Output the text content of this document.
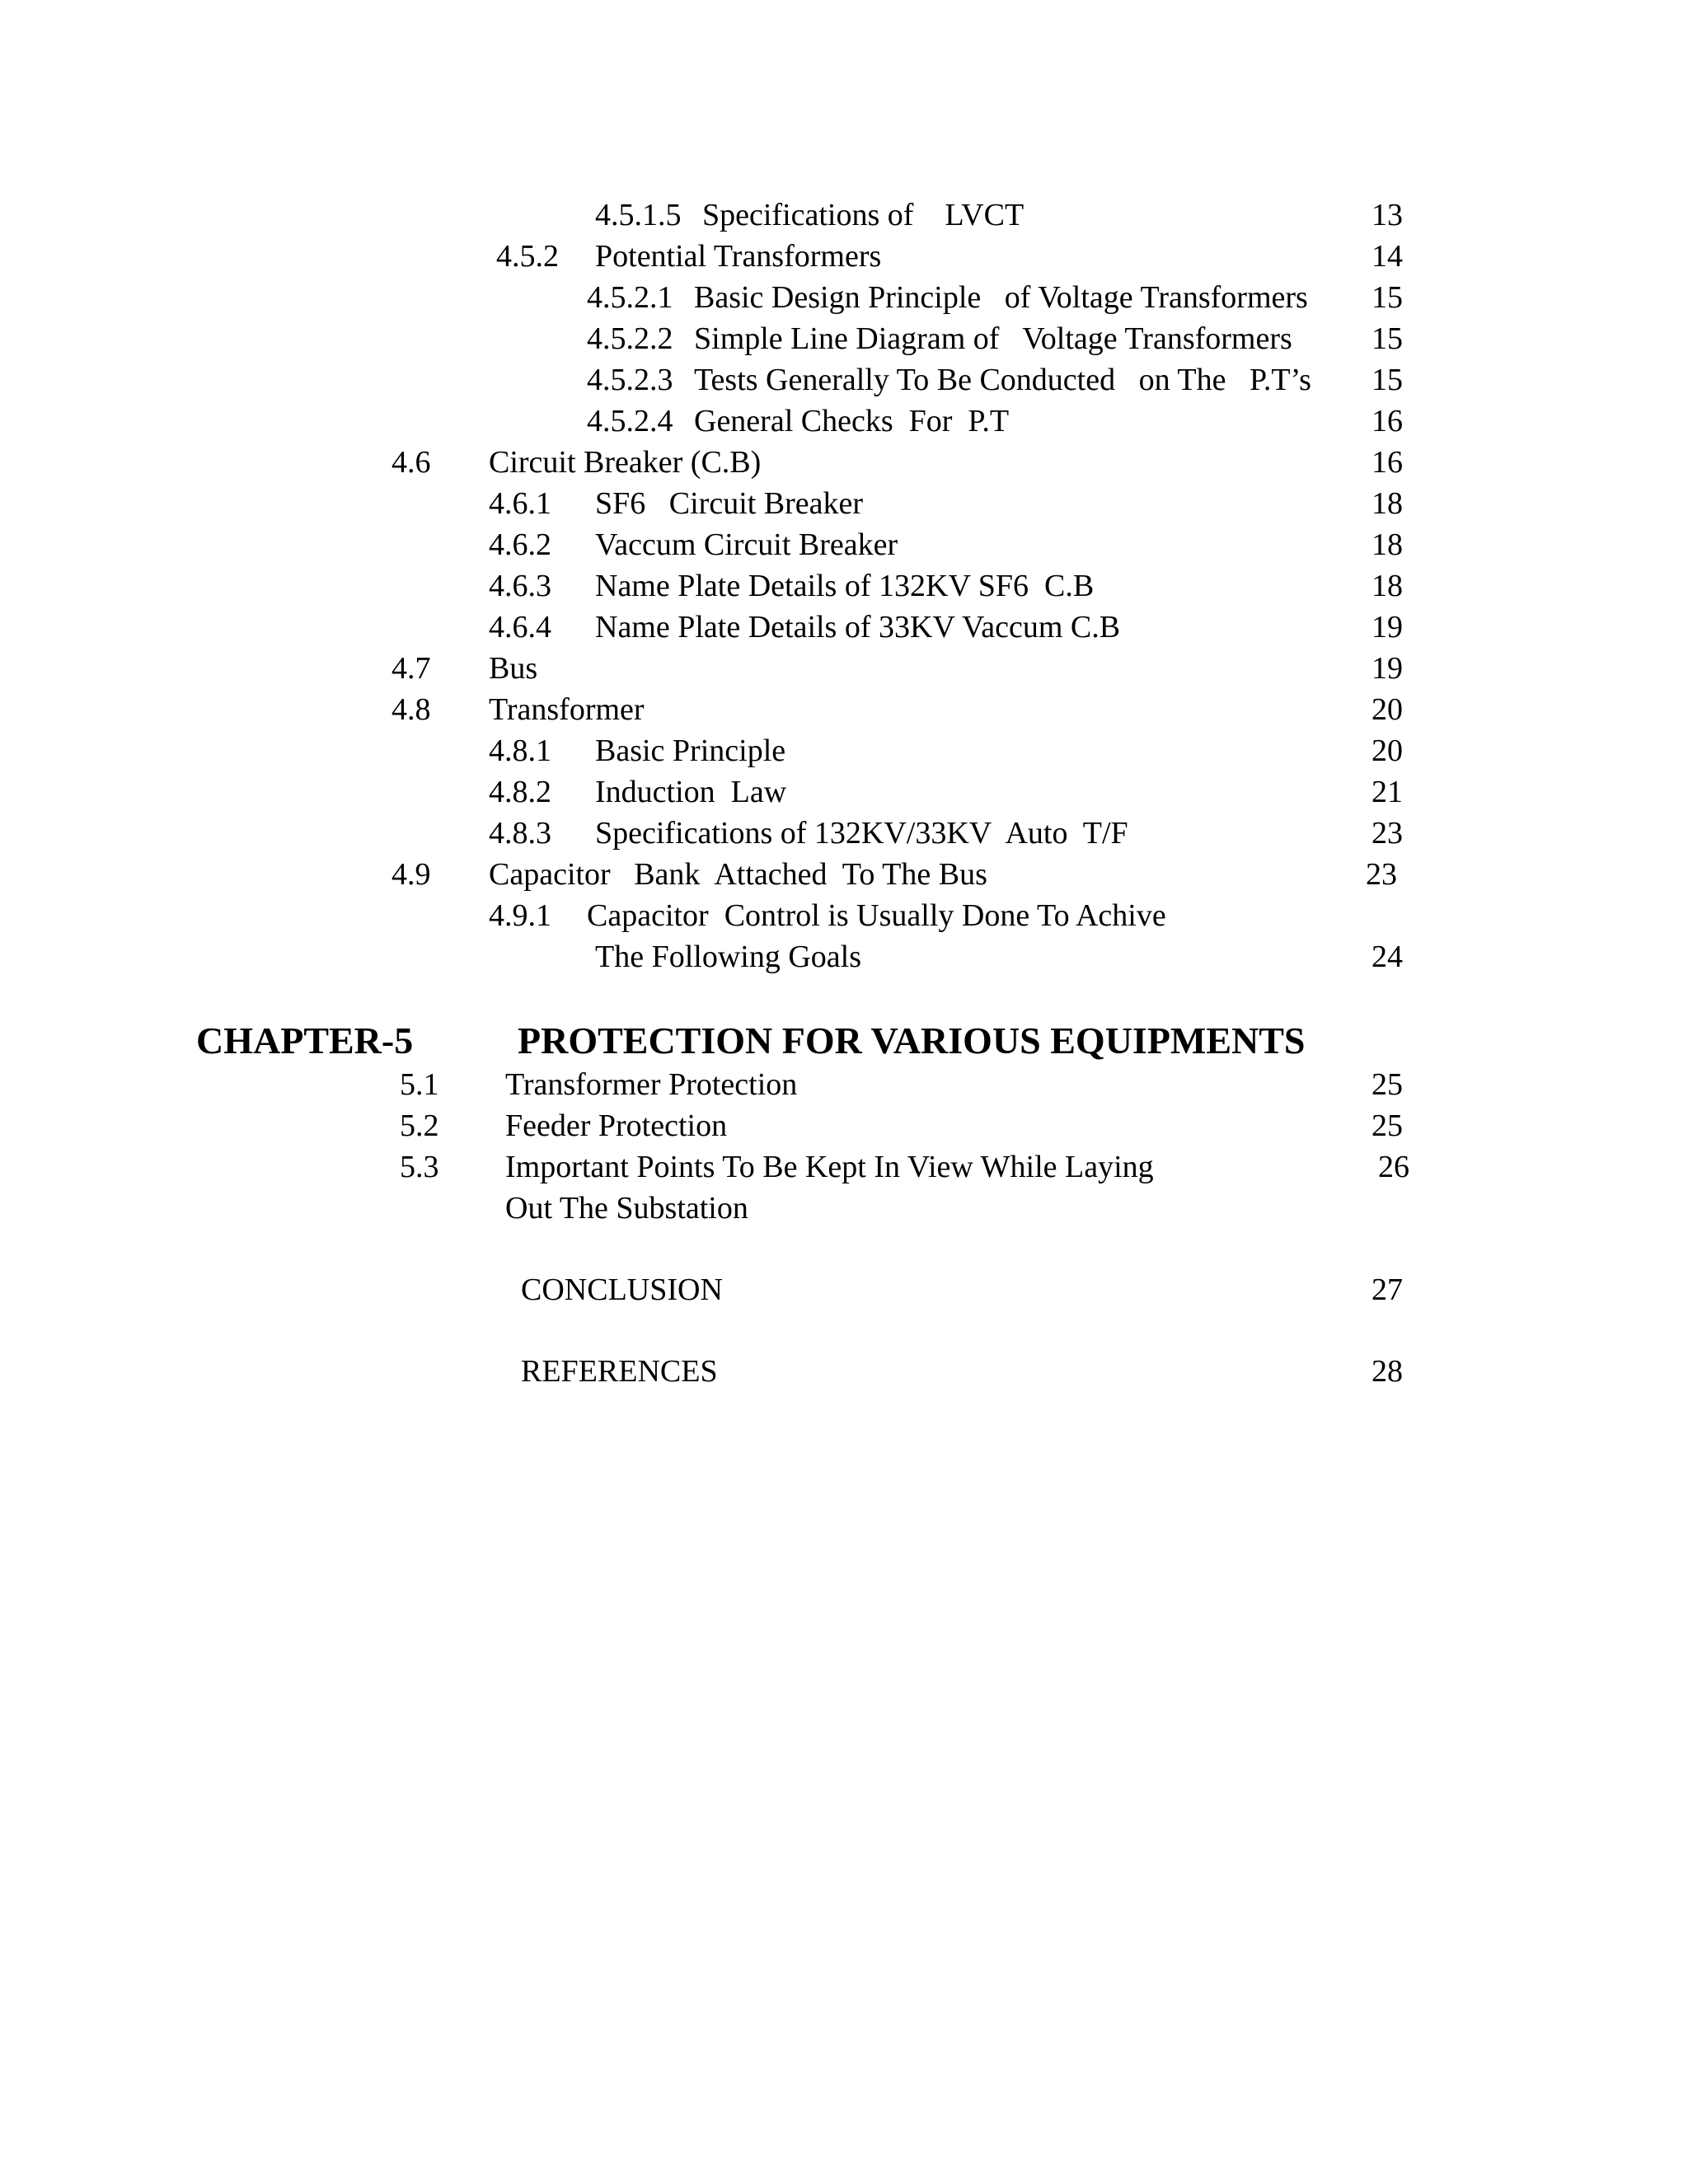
4.5.1.5 Specifications of    LVCT	13
4.5.2 Potential Transformers	14
4.5.2.1 Basic Design Principle   of Voltage Transformers	15
4.5.2.2 Simple Line Diagram of   Voltage Transformers	15
4.5.2.3 Tests Generally To Be Conducted   on The   P.T’s	15
4.5.2.4 General Checks  For  P.T	16
4.6 Circuit Breaker (C.B)	16
4.6.1 SF6   Circuit Breaker	18
4.6.2 Vaccum Circuit Breaker	18
4.6.3 Name Plate Details of 132KV SF6  C.B	18
4.6.4 Name Plate Details of 33KV Vaccum C.B	19
4.7 Bus	19
4.8 Transformer	20
4.8.1 Basic Principle	20
4.8.2 Induction  Law	21
4.8.3 Specifications of 132KV/33KV  Auto  T/F	23
4.9 Capacitor   Bank  Attached  To The Bus	23
4.9.1 Capacitor  Control is Usually Done To Achive
The Following Goals	24
CHAPTER-5	PROTECTION FOR VARIOUS EQUIPMENTS
5.1 Transformer Protection	25
5.2 Feeder Protection	25
5.3 Important Points To Be Kept In View While Laying	26
Out The Substation
CONCLUSION	27
REFERENCES	28
